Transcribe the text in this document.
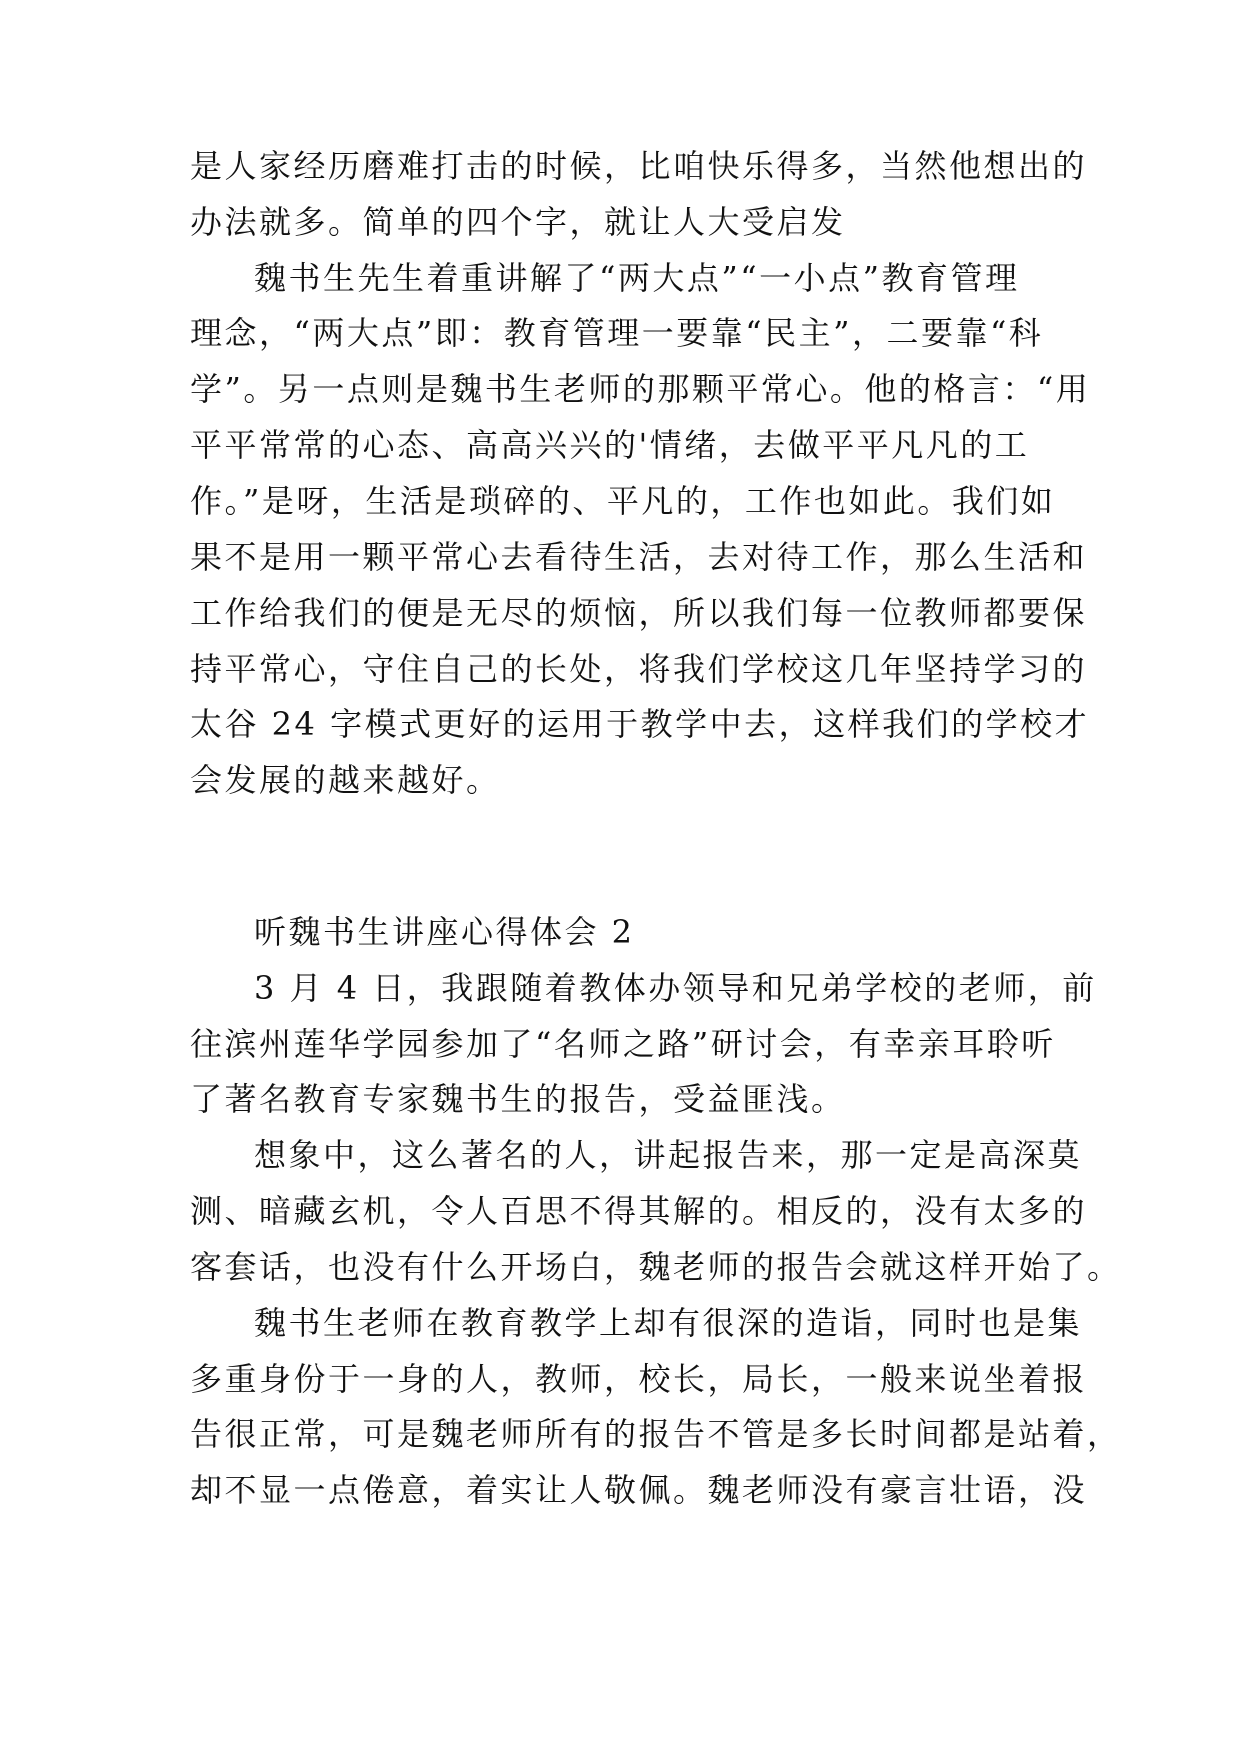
是人家经历磨难打击的时候，比咱快乐得多，当然他想出的
办法就多。简单的四个字，就让人大受启发
魏书生先生着重讲解了“两大点”“一小点”教育管理
理念，“两大点”即：教育管理一要靠“民主”，二要靠“科
学”。另一点则是魏书生老师的那颗平常心。他的格言：“用
平平常常的心态、高高兴兴的'情绪，去做平平凡凡的工
作。”是呀，生活是琐碎的、平凡的，工作也如此。我们如
果不是用一颗平常心去看待生活，去对待工作，那么生活和
工作给我们的便是无尽的烦恼，所以我们每一位教师都要保
持平常心，守住自己的长处，将我们学校这几年坚持学习的
太谷 24 字模式更好的运用于教学中去，这样我们的学校才
会发展的越来越好。
听魏书生讲座心得体会 2
3 月 4 日，我跟随着教体办领导和兄弟学校的老师，前
往滨州莲华学园参加了“名师之路”研讨会，有幸亲耳聆听
了著名教育专家魏书生的报告，受益匪浅。
想象中，这么著名的人，讲起报告来，那一定是高深莫
测、暗藏玄机，令人百思不得其解的。相反的，没有太多的
客套话，也没有什么开场白，魏老师的报告会就这样开始了。
魏书生老师在教育教学上却有很深的造诣，同时也是集
多重身份于一身的人，教师，校长，局长，一般来说坐着报
告很正常，可是魏老师所有的报告不管是多长时间都是站着，
却不显一点倦意，着实让人敬佩。魏老师没有豪言壮语，没
